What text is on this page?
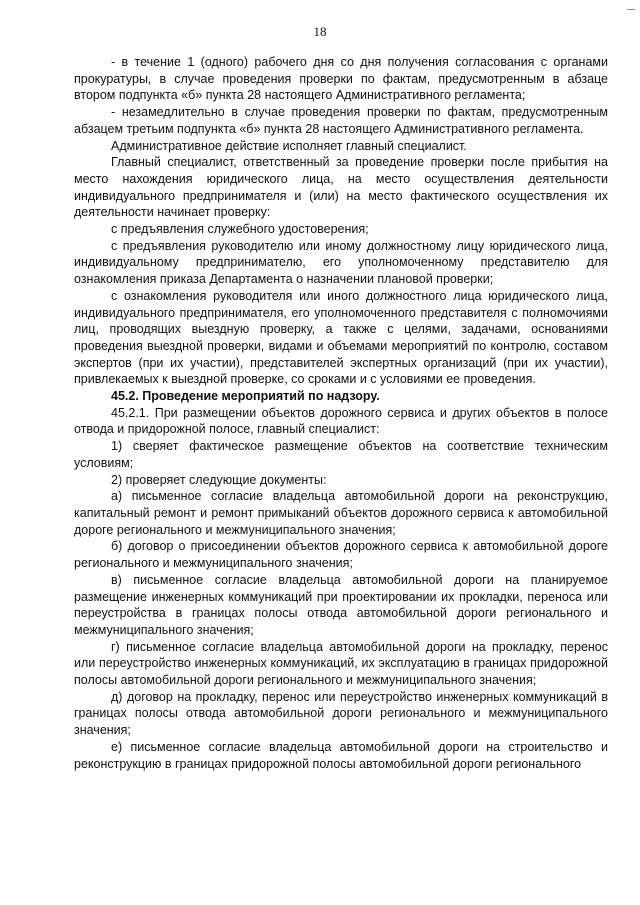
18
|

- в течение 1 (одного) рабочего дня со дня получения согласования с органами прокуратуры, в случае проведения проверки по фактам, предусмотренным в абзаце втором подпункта «б» пункта 28 настоящего Административного регламента;

- незамедлительно в случае проведения проверки по фактам, предусмотренным абзацем третьим подпункта «б» пункта 28 настоящего Административного регламента.

Административное действие исполняет главный специалист.

Главный специалист, ответственный за проведение проверки после прибытия на место нахождения юридического лица, на место осуществления деятельности индивидуального предпринимателя и (или) на место фактического осуществления их деятельности начинает проверку:

с предъявления служебного удостоверения;

с предъявления руководителю или иному должностному лицу юридического лица, индивидуальному предпринимателю, его уполномоченному представителю для ознакомления приказа Департамента о назначении плановой проверки;

с ознакомления руководителя или иного должностного лица юридического лица, индивидуального предпринимателя, его уполномоченного представителя с полномочиями лиц, проводящих выездную проверку, а также с целями, задачами, основаниями проведения выездной проверки, видами и объемами мероприятий по контролю, составом экспертов (при их участии), представителей экспертных организаций (при их участии), привлекаемых к выездной проверке, со сроками и с условиями ее проведения.

45.2. Проведение мероприятий по надзору.

45.2.1. При размещении объектов дорожного сервиса и других объектов в полосе отвода и придорожной полосе, главный специалист:

1) сверяет фактическое размещение объектов на соответствие техническим условиям;

2) проверяет следующие документы:

а) письменное согласие владельца автомобильной дороги на реконструкцию, капитальный ремонт и ремонт примыканий объектов дорожного сервиса к автомобильной дороге регионального и межмуниципального значения;

б) договор о присоединении объектов дорожного сервиса к автомобильной дороге регионального и межмуниципального значения;

в) письменное согласие владельца автомобильной дороги на планируемое размещение инженерных коммуникаций при проектировании их прокладки, переноса или переустройства в границах полосы отвода автомобильной дороги регионального и межмуниципального значения;

г) письменное согласие владельца автомобильной дороги на прокладку, перенос или переустройство инженерных коммуникаций, их эксплуатацию в границах придорожной полосы автомобильной дороги регионального и межмуниципального значения;

д) договор на прокладку, перенос или переустройство инженерных коммуникаций в границах полосы отвода автомобильной дороги регионального и межмуниципального значения;

е) письменное согласие владельца автомобильной дороги на строительство и реконструкцию в границах придорожной полосы автомобильной дороги регионального
